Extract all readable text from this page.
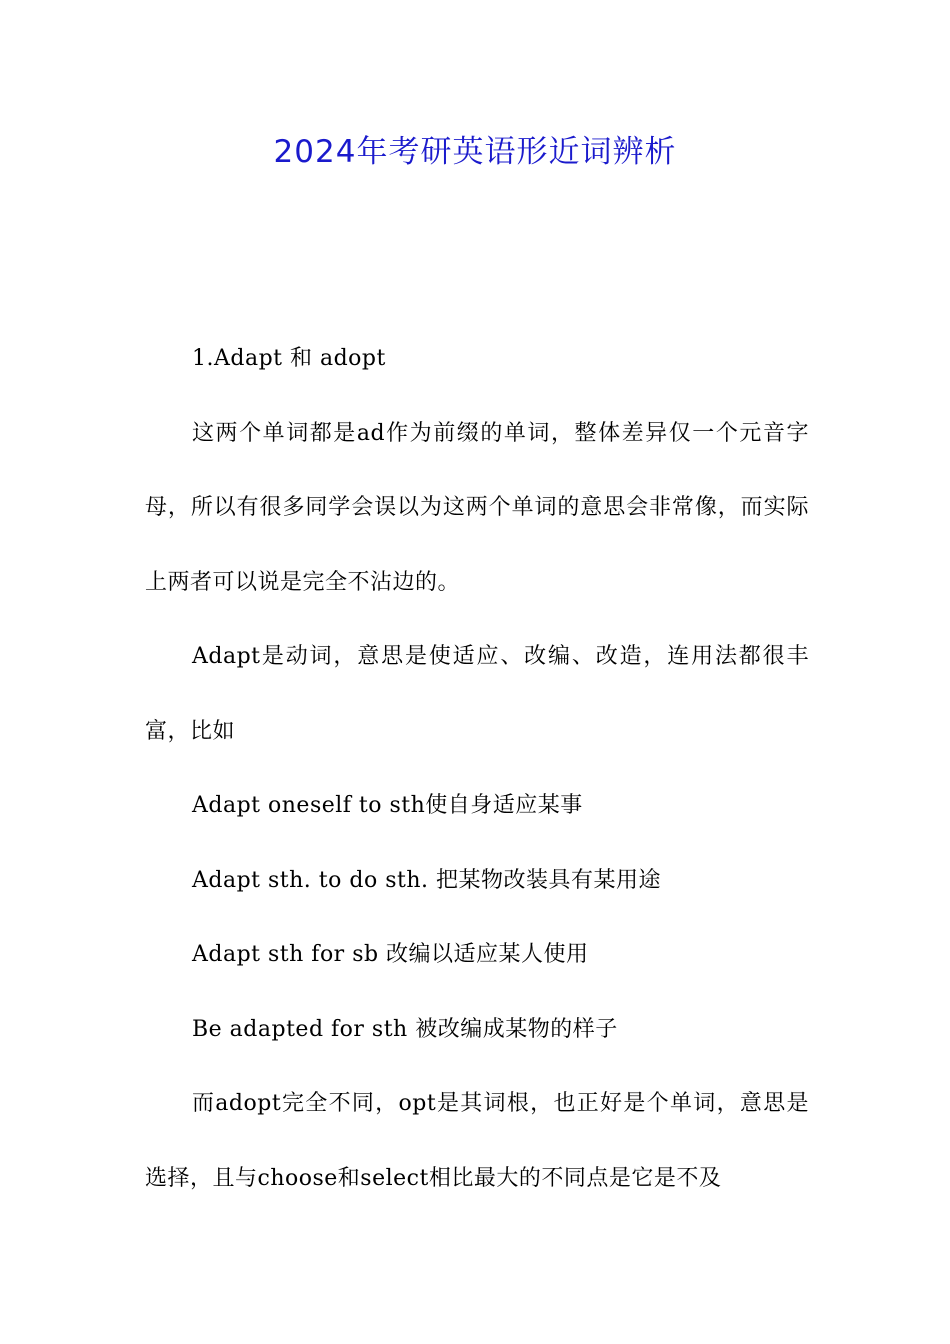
2024年考研英语形近词辨析

1.Adapt 和 adopt

这两个单词都是ad作为前缀的单词，整体差异仅一个元音字母，所以有很多同学会误以为这两个单词的意思会非常像，而实际上两者可以说是完全不沾边的。

Adapt是动词，意思是使适应、改编、改造，连用法都很丰富，比如

Adapt oneself to sth使自身适应某事

Adapt sth. to do sth. 把某物改装具有某用途

Adapt sth for sb 改编以适应某人使用

Be adapted for sth 被改编成某物的样子

而adopt完全不同，opt是其词根，也正好是个单词，意思是选择，且与choose和select相比最大的不同点是它是不及
